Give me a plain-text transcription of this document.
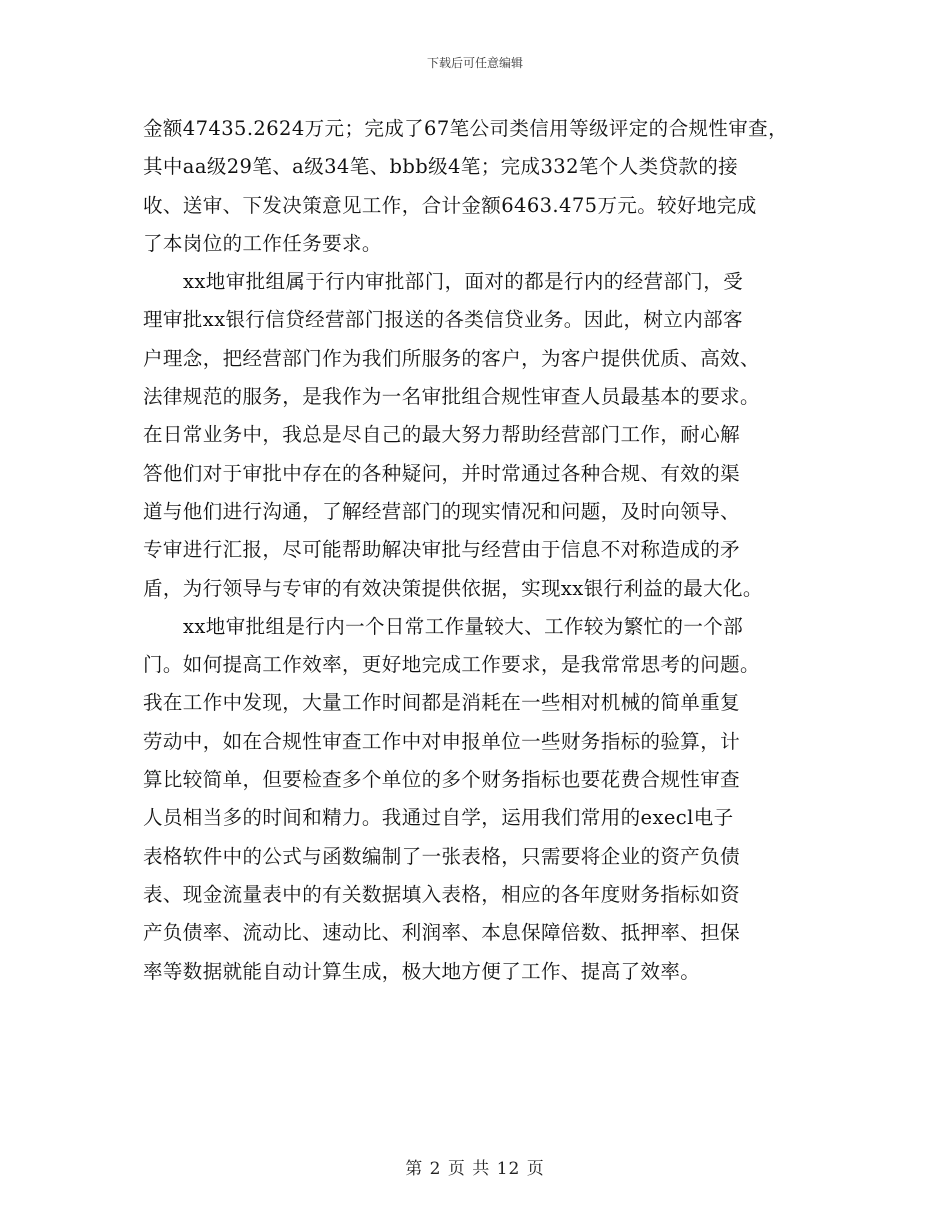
下载后可任意编辑
金额47435.2624万元；完成了67笔公司类信用等级评定的合规性审查，
其中aa级29笔、a级34笔、bbb级4笔；完成332笔个人类贷款的接
收、送审、下发决策意见工作，合计金额6463.475万元。较好地完成
了本岗位的工作任务要求。
xx地审批组属于行内审批部门，面对的都是行内的经营部门，受
理审批xx银行信贷经营部门报送的各类信贷业务。因此，树立内部客
户理念，把经营部门作为我们所服务的客户，为客户提供优质、高效、
法律规范的服务，是我作为一名审批组合规性审查人员最基本的要求。
在日常业务中，我总是尽自己的最大努力帮助经营部门工作，耐心解
答他们对于审批中存在的各种疑问，并时常通过各种合规、有效的渠
道与他们进行沟通，了解经营部门的现实情况和问题，及时向领导、
专审进行汇报，尽可能帮助解决审批与经营由于信息不对称造成的矛
盾，为行领导与专审的有效决策提供依据，实现xx银行利益的最大化。
xx地审批组是行内一个日常工作量较大、工作较为繁忙的一个部
门。如何提高工作效率，更好地完成工作要求，是我常常思考的问题。
我在工作中发现，大量工作时间都是消耗在一些相对机械的简单重复
劳动中，如在合规性审查工作中对申报单位一些财务指标的验算，计
算比较简单，但要检查多个单位的多个财务指标也要花费合规性审查
人员相当多的时间和精力。我通过自学，运用我们常用的execl电子
表格软件中的公式与函数编制了一张表格，只需要将企业的资产负债
表、现金流量表中的有关数据填入表格，相应的各年度财务指标如资
产负债率、流动比、速动比、利润率、本息保障倍数、抵押率、担保
率等数据就能自动计算生成，极大地方便了工作、提高了效率。
第 2 页 共 12 页
